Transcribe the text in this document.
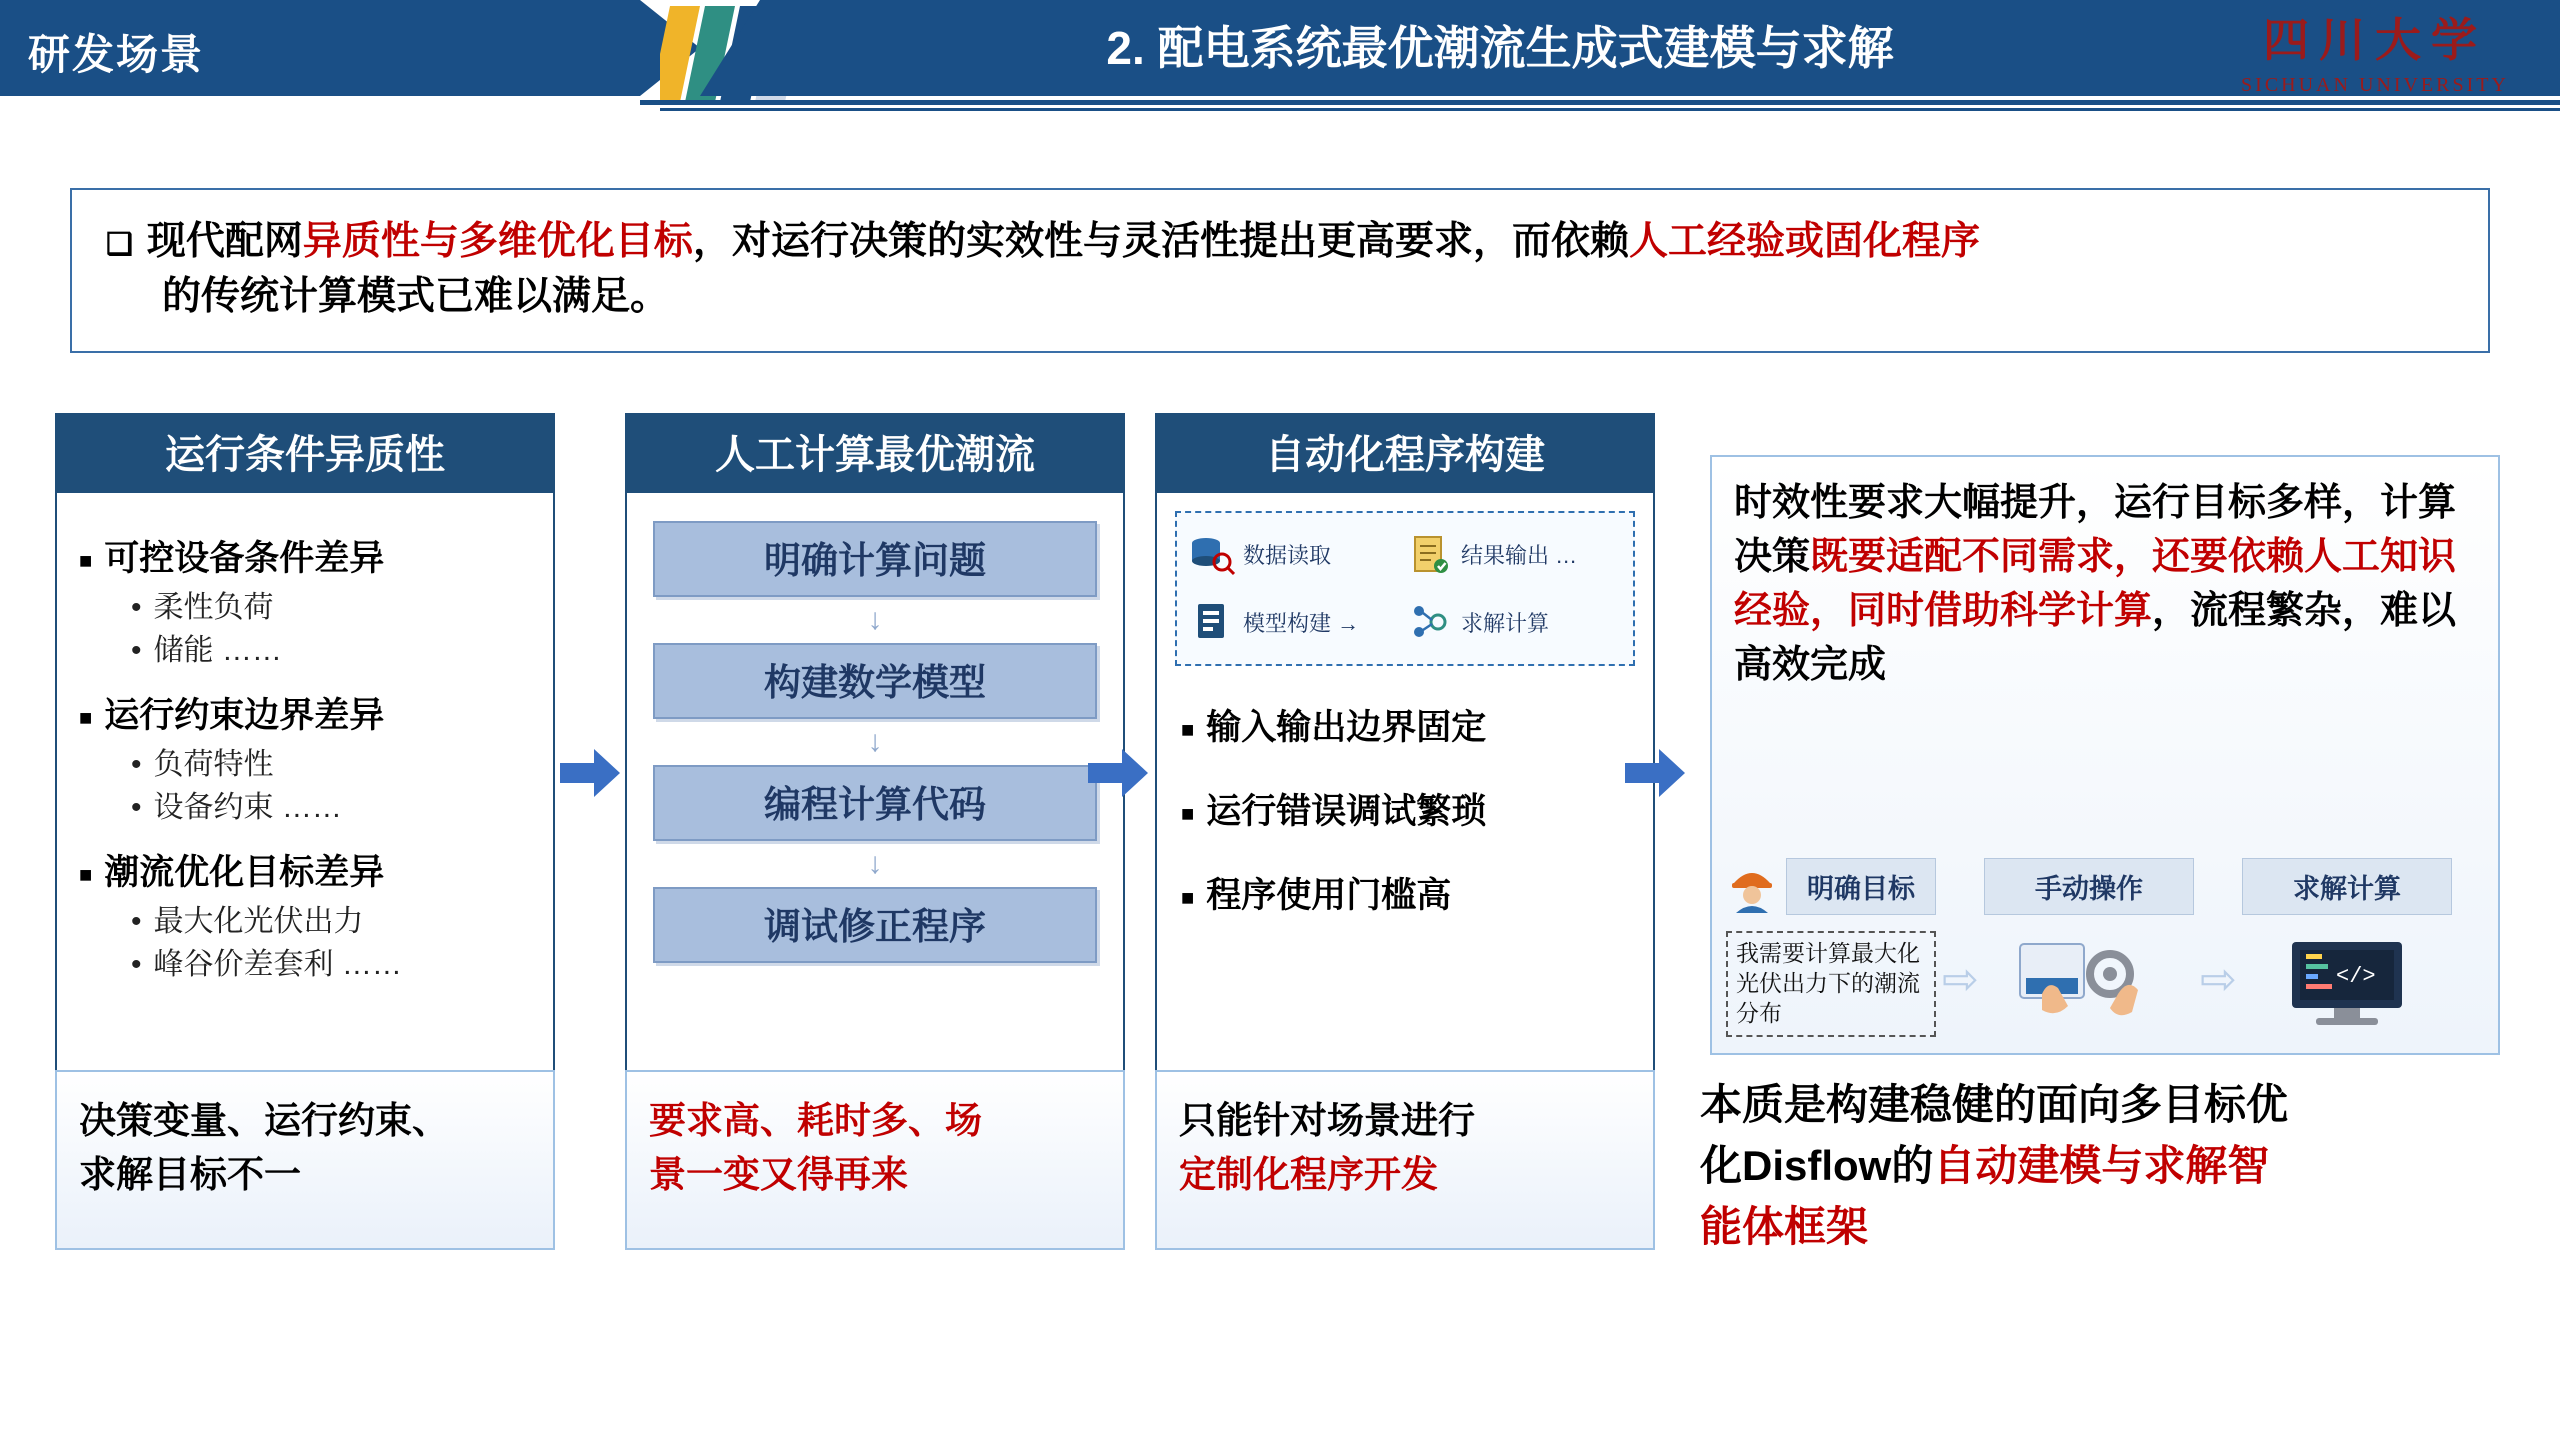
研发场景	2. 配电系统最优潮流生成式建模与求解	四川大学
SICHUAN UNIVERSITY
❑ 现代配网异质性与多维优化目标，对运行决策的实效性与灵活性提出更高要求，而依赖人工经验或固化程序
的传统计算模式已难以满足。
运行条件异质性
■ 可控设备条件差异
• 柔性负荷
• 储能 ……
■ 运行约束边界差异
• 负荷特性
• 设备约束 ……
■ 潮流优化目标差异
• 最大化光伏出力
• 峰谷价差套利 ……
人工计算最优潮流
明确计算问题
↓
构建数学模型
↓
编程计算代码
↓
调试修正程序
自动化程序构建
数据读取	结果输出 …
模型构建 →	求解计算
■ 输入输出边界固定
■ 运行错误调试繁琐
■ 程序使用门槛高
时效性要求大幅提升，运行目标多样，计算决策既要适配不同需求，还要依赖人工知识经验，同时借助科学计算，流程繁杂，难以高效完成
明确目标	手动操作	求解计算
我需要计算最大化光伏出力下的潮流分布
⇨	⇨	</>
决策变量、运行约束、
求解目标不一
要求高、耗时多、场
景一变又得再来
只能针对场景进行
定制化程序开发
本质是构建稳健的面向多目标优
化Disflow的自动建模与求解智
能体框架
